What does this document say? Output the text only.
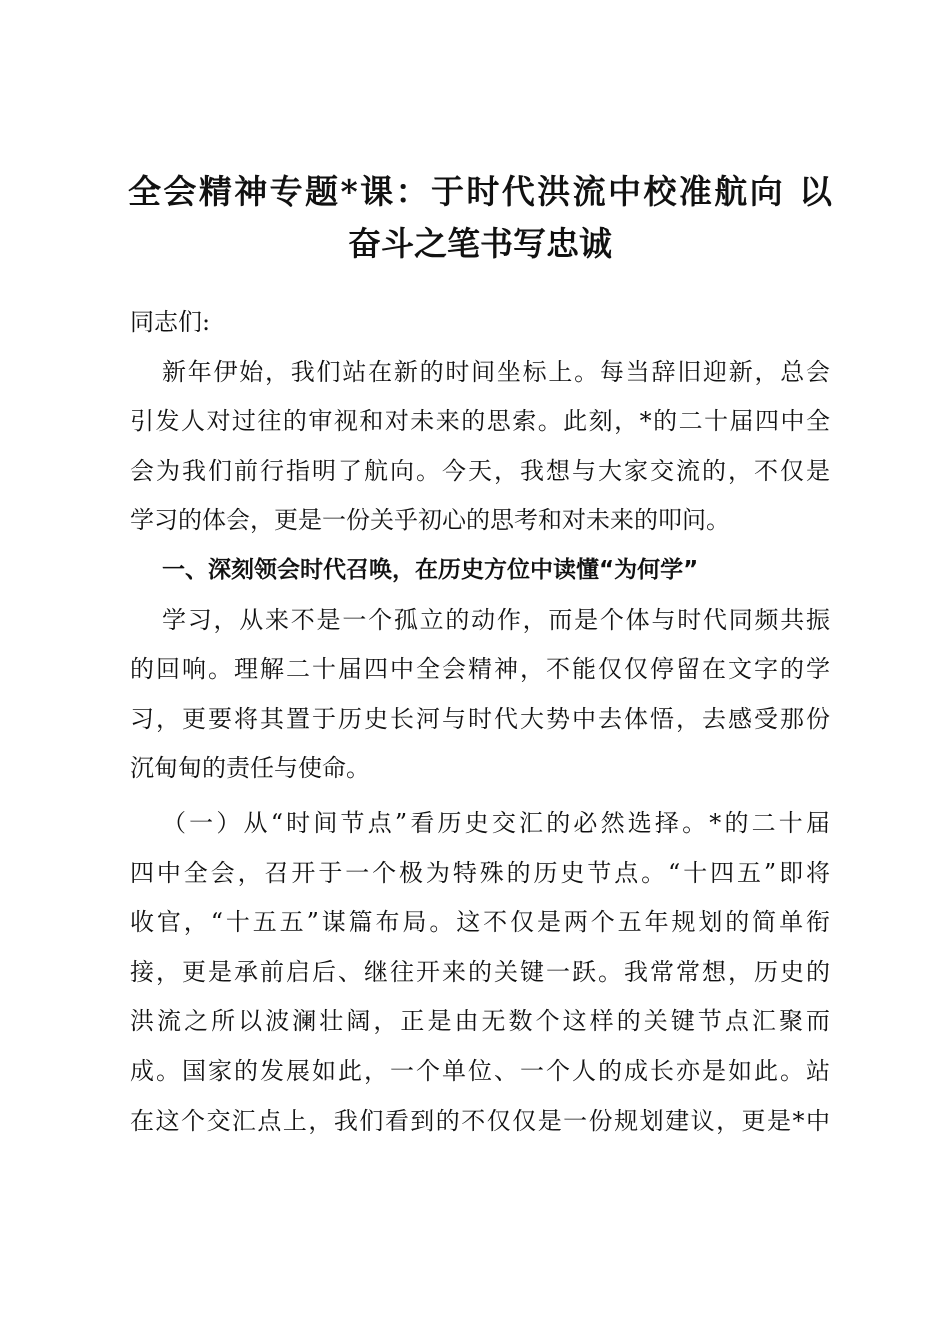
全会精神专题*课：于时代洪流中校准航向 以
奋斗之笔书写忠诚
同志们:
新年伊始，我们站在新的时间坐标上。每当辞旧迎新，总会
引发人对过往的审视和对未来的思索。此刻，*的二十届四中全
会为我们前行指明了航向。今天，我想与大家交流的，不仅是
学习的体会，更是一份关乎初心的思考和对未来的叩问。
一、深刻领会时代召唤，在历史方位中读懂“为何学”
学习，从来不是一个孤立的动作，而是个体与时代同频共振
的回响。理解二十届四中全会精神，不能仅仅停留在文字的学
习，更要将其置于历史长河与时代大势中去体悟，去感受那份
沉甸甸的责任与使命。
（一）从“时间节点”看历史交汇的必然选择。*的二十届
四中全会，召开于一个极为特殊的历史节点。“十四五”即将
收官，“十五五”谋篇布局。这不仅是两个五年规划的简单衔
接，更是承前启后、继往开来的关键一跃。我常常想，历史的
洪流之所以波澜壮阔，正是由无数个这样的关键节点汇聚而
成。国家的发展如此，一个单位、一个人的成长亦是如此。站
在这个交汇点上，我们看到的不仅仅是一份规划建议，更是*中
